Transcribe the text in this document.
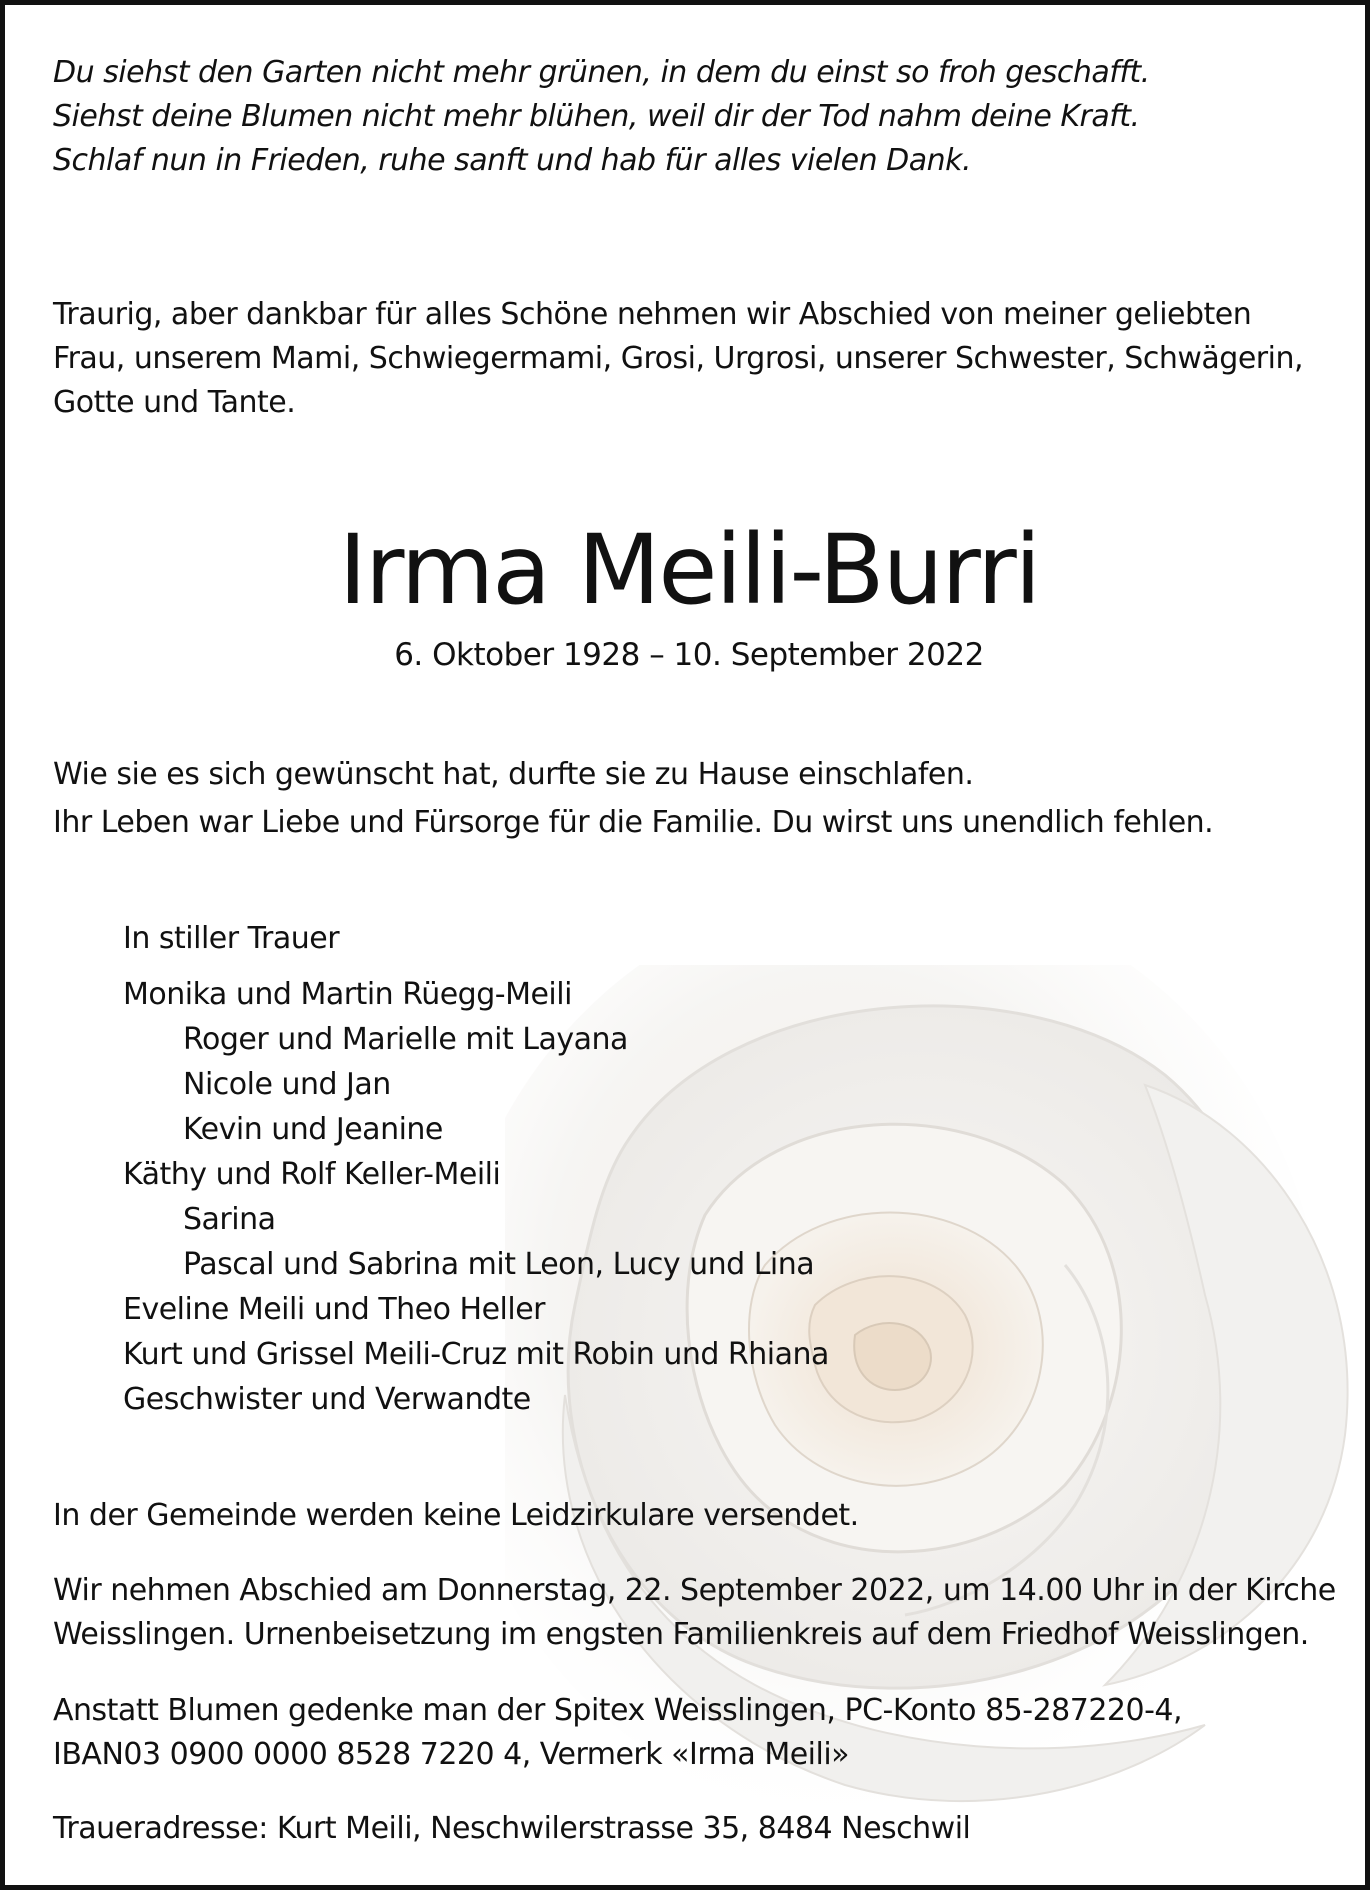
Du siehst den Garten nicht mehr grünen, in dem du einst so froh geschafft.
Siehst deine Blumen nicht mehr blühen, weil dir der Tod nahm deine Kraft.
Schlaf nun in Frieden, ruhe sanft und hab für alles vielen Dank.
Traurig, aber dankbar für alles Schöne nehmen wir Abschied von meiner geliebten
Frau, unserem Mami, Schwiegermami, Grosi, Urgrosi, unserer Schwester, Schwägerin,
Gotte und Tante.
Irma Meili-Burri
6. Oktober 1928 – 10. September 2022
Wie sie es sich gewünscht hat, durfte sie zu Hause einschlafen.
Ihr Leben war Liebe und Fürsorge für die Familie. Du wirst uns unendlich fehlen.
In stiller Trauer
Monika und Martin Rüegg-Meili
Roger und Marielle mit Layana
Nicole und Jan
Kevin und Jeanine
Käthy und Rolf Keller-Meili
Sarina
Pascal und Sabrina mit Leon, Lucy und Lina
Eveline Meili und Theo Heller
Kurt und Grissel Meili-Cruz mit Robin und Rhiana
Geschwister und Verwandte
In der Gemeinde werden keine Leidzirkulare versendet.
Wir nehmen Abschied am Donnerstag, 22. September 2022, um 14.00 Uhr in der Kirche
Weisslingen. Urnenbeisetzung im engsten Familienkreis auf dem Friedhof Weisslingen.
Anstatt Blumen gedenke man der Spitex Weisslingen, PC-Konto 85-287220-4,
IBAN03 0900 0000 8528 7220 4, Vermerk «Irma Meili»
Traueradresse: Kurt Meili, Neschwilerstrasse 35, 8484 Neschwil
